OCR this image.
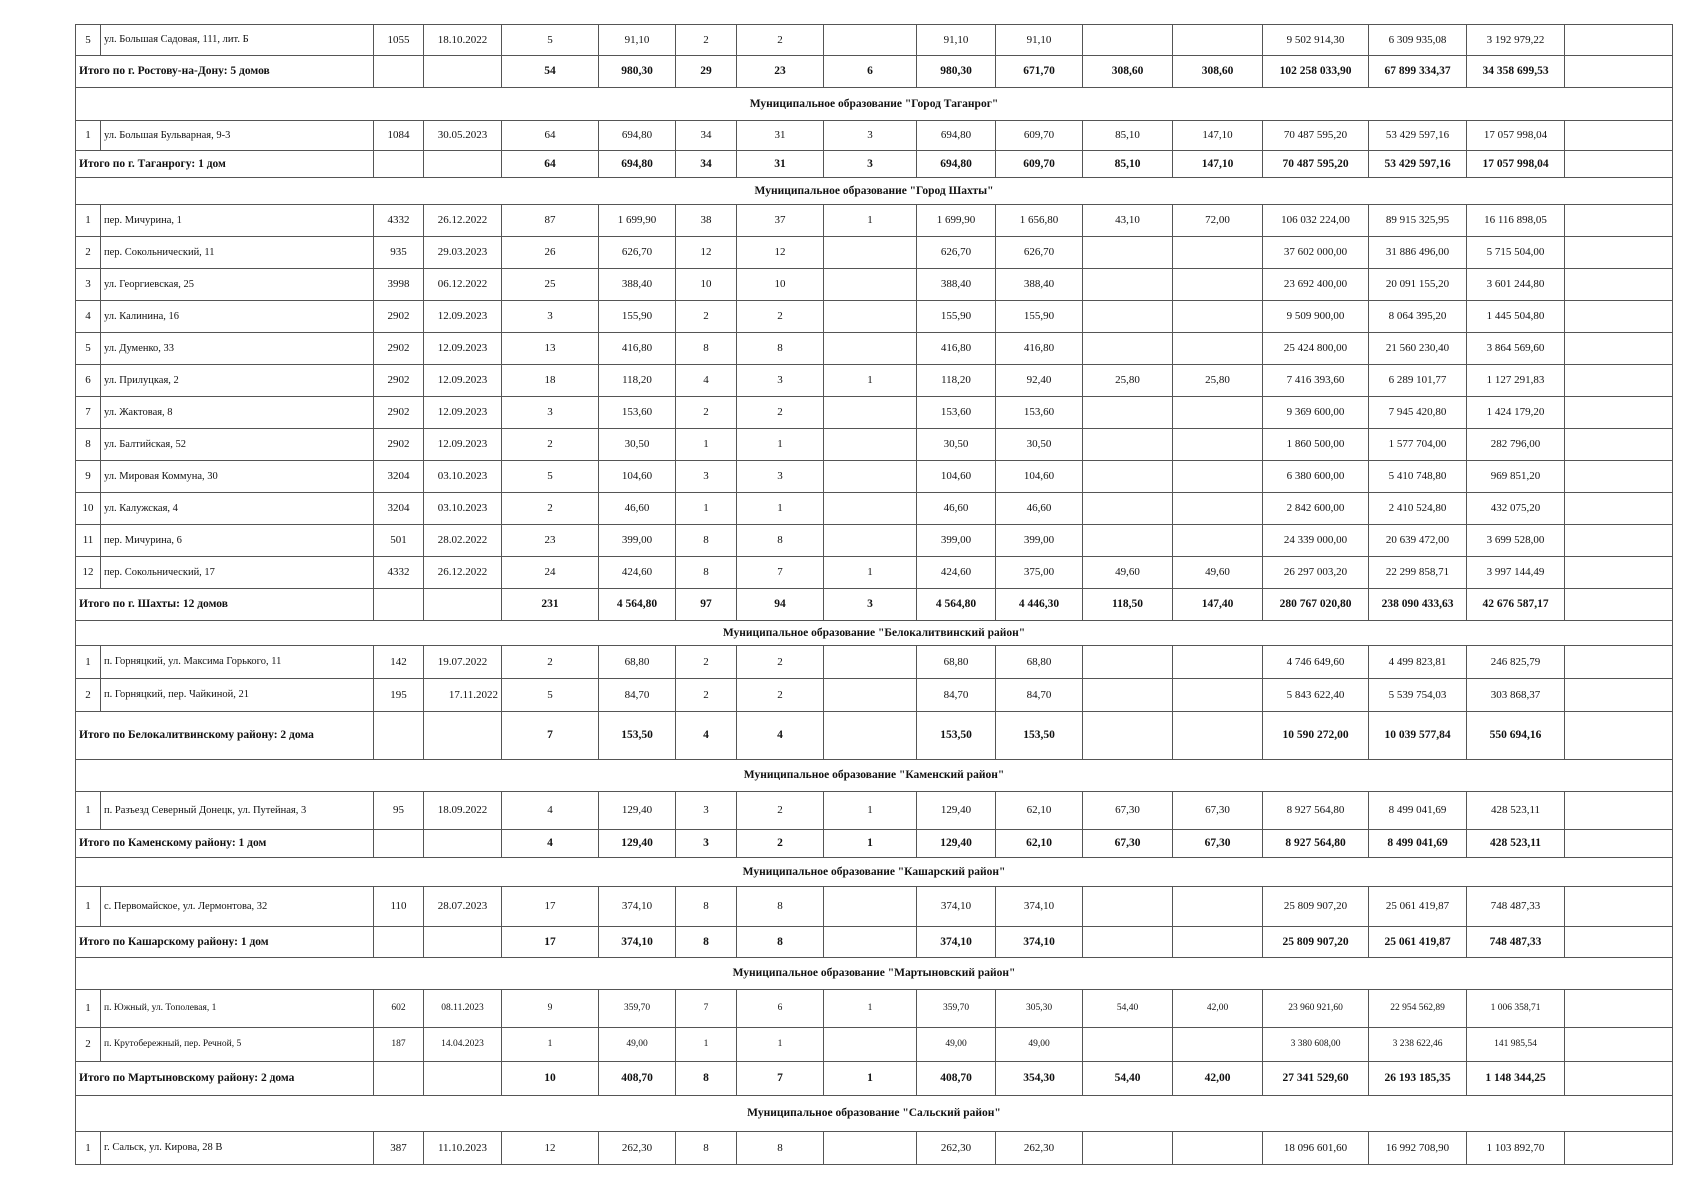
5	ул. Большая Садовая, 111, лит. Б	1055	18.10.2022	5	91,10	2	2		91,10	91,10			9 502 914,30	6 309 935,08	3 192 979,22	
Итого по г. Ростову-на-Дону: 5 домов				54	980,30	29	23	6	980,30	671,70	308,60	308,60	102 258 033,90	67 899 334,37	34 358 699,53	
Муниципальное образование "Город Таганрог"																
1	ул. Большая Бульварная, 9-3	1084	30.05.2023	64	694,80	34	31	3	694,80	609,70	85,10	147,10	70 487 595,20	53 429 597,16	17 057 998,04	
Итого по г. Таганрогу: 1 дом				64	694,80	34	31	3	694,80	609,70	85,10	147,10	70 487 595,20	53 429 597,16	17 057 998,04	
Муниципальное образование "Город Шахты"																
1	пер. Мичурина, 1	4332	26.12.2022	87	1 699,90	38	37	1	1 699,90	1 656,80	43,10	72,00	106 032 224,00	89 915 325,95	16 116 898,05	
2	пер. Сокольнический, 11	935	29.03.2023	26	626,70	12	12		626,70	626,70			37 602 000,00	31 886 496,00	5 715 504,00	
3	ул. Георгиевская, 25	3998	06.12.2022	25	388,40	10	10		388,40	388,40			23 692 400,00	20 091 155,20	3 601 244,80	
4	ул. Калинина, 16	2902	12.09.2023	3	155,90	2	2		155,90	155,90			9 509 900,00	8 064 395,20	1 445 504,80	
5	ул. Думенко, 33	2902	12.09.2023	13	416,80	8	8		416,80	416,80			25 424 800,00	21 560 230,40	3 864 569,60	
6	ул. Прилуцкая, 2	2902	12.09.2023	18	118,20	4	3	1	118,20	92,40	25,80	25,80	7 416 393,60	6 289 101,77	1 127 291,83	
7	ул. Жактовая, 8	2902	12.09.2023	3	153,60	2	2		153,60	153,60			9 369 600,00	7 945 420,80	1 424 179,20	
8	ул. Балтийская, 52	2902	12.09.2023	2	30,50	1	1		30,50	30,50			1 860 500,00	1 577 704,00	282 796,00	
9	ул. Мировая Коммуна, 30	3204	03.10.2023	5	104,60	3	3		104,60	104,60			6 380 600,00	5 410 748,80	969 851,20	
10	ул. Калужская, 4	3204	03.10.2023	2	46,60	1	1		46,60	46,60			2 842 600,00	2 410 524,80	432 075,20	
11	пер. Мичурина, 6	501	28.02.2022	23	399,00	8	8		399,00	399,00			24 339 000,00	20 639 472,00	3 699 528,00	
12	пер. Сокольнический, 17	4332	26.12.2022	24	424,60	8	7	1	424,60	375,00	49,60	49,60	26 297 003,20	22 299 858,71	3 997 144,49	
Итого по г. Шахты: 12 домов				231	4 564,80	97	94	3	4 564,80	4 446,30	118,50	147,40	280 767 020,80	238 090 433,63	42 676 587,17	
Муниципальное образование "Белокалитвинский район"																
1	п. Горняцкий, ул. Максима Горького, 11	142	19.07.2022	2	68,80	2	2		68,80	68,80			4 746 649,60	4 499 823,81	246 825,79	
2	п. Горняцкий, пер. Чайкиной, 21	195	17.11.2022	5	84,70	2	2		84,70	84,70			5 843 622,40	5 539 754,03	303 868,37	
Итого по Белокалитвинскому району: 2 дома				7	153,50	4	4		153,50	153,50			10 590 272,00	10 039 577,84	550 694,16	
Муниципальное образование "Каменский район"																
1	п. Разъезд Северный Донецк, ул. Путейная, 3	95	18.09.2022	4	129,40	3	2	1	129,40	62,10	67,30	67,30	8 927 564,80	8 499 041,69	428 523,11	
Итого по Каменскому району: 1 дом				4	129,40	3	2	1	129,40	62,10	67,30	67,30	8 927 564,80	8 499 041,69	428 523,11	
Муниципальное образование "Кашарский район"																
1	с. Первомайское, ул. Лермонтова, 32	110	28.07.2023	17	374,10	8	8		374,10	374,10			25 809 907,20	25 061 419,87	748 487,33	
Итого по Кашарскому району: 1 дом				17	374,10	8	8		374,10	374,10			25 809 907,20	25 061 419,87	748 487,33	
Муниципальное образование "Мартыновский район"																
1	п. Южный, ул. Тополевая, 1	602	08.11.2023	9	359,70	7	6	1	359,70	305,30	54,40	42,00	23 960 921,60	22 954 562,89	1 006 358,71	
2	п. Крутобережный, пер. Речной, 5	187	14.04.2023	1	49,00	1	1		49,00	49,00			3 380 608,00	3 238 622,46	141 985,54	
Итого по Мартыновскому району: 2 дома				10	408,70	8	7	1	408,70	354,30	54,40	42,00	27 341 529,60	26 193 185,35	1 148 344,25	
Муниципальное образование "Сальский район"																
1	г. Сальск, ул. Кирова, 28 В	387	11.10.2023	12	262,30	8	8		262,30	262,30			18 096 601,60	16 992 708,90	1 103 892,70	
